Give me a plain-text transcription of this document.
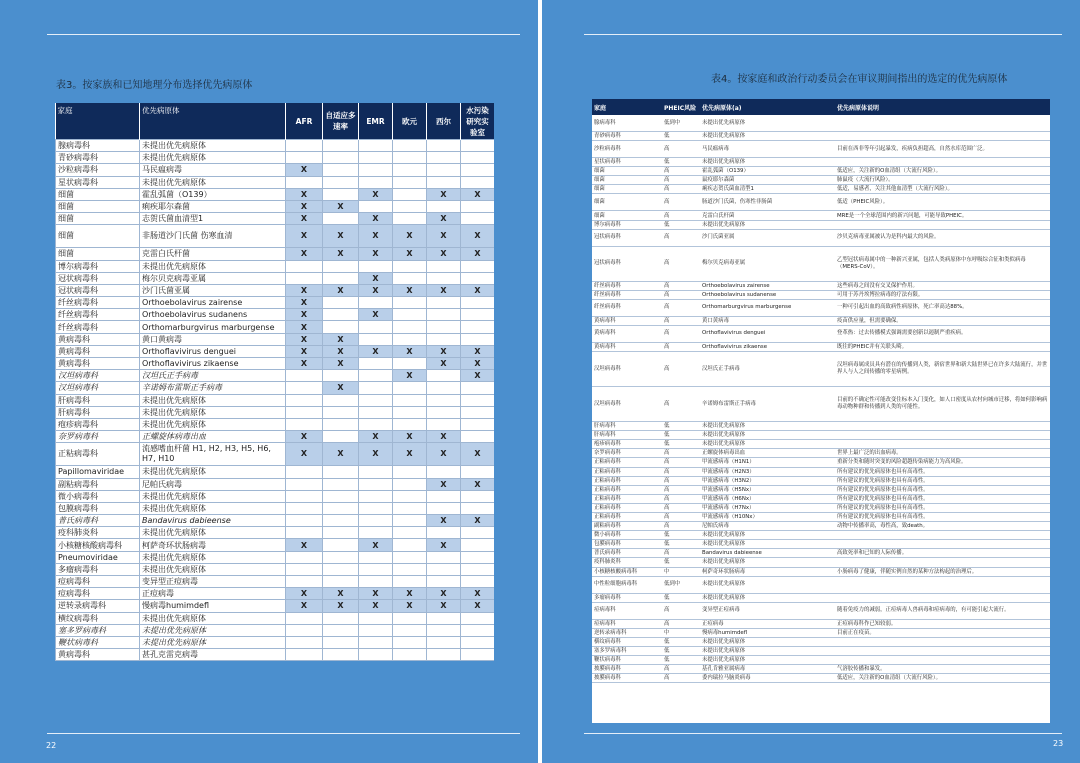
表3。按家族和已知地理分布选择优先病原体
家庭	优先病原体	AFR	自适应多速率	EMR	欧元	西尔	水污染研究实验室
腺病毒科	未提出优先病原体						
青砂病毒科	未提出优先病原体						
沙粒病毒科	马民瘟病毒	X					
星状病毒科	未提出优先病原体						
细菌	霍乱弧菌（O139）	X		X		X	X
细菌	痢疾耶尔森菌	X	X				
细菌	志贺氏菌血清型1	X		X		X	
细菌	非肠道沙门氏菌 伤寒血清	X	X	X	X	X	X
细菌	克雷白氏杆菌	X	X	X	X	X	X
博尔病毒科	未提出优先病原体						
冠状病毒科	梅尔贝克病毒亚属			X			
冠状病毒科	沙门氏菌亚属	X	X	X	X	X	X
纤丝病毒科	Orthoebolavirus zairense	X					
纤丝病毒科	Orthoebolavirus sudanens	X		X			
纤丝病毒科	Orthomarburgvirus marburgense	X					
黄病毒科	黄口黄病毒	X	X				
黄病毒科	Orthoflavivirus denguei	X	X	X	X	X	X
黄病毒科	Orthoflavivirus zikaense	X	X			X	X
汉坦病毒科	汉坦氏正手病毒				X		X
汉坦病毒科	辛诺姆布雷斯正手病毒		X				
肝病毒科	未提出优先病原体						
肝病毒科	未提出优先病原体						
疱疹病毒科	未提出优先病原体						
奈罗病毒科	正螺旋体病毒出血	X		X	X	X	
正粘病毒科	流感嗜血杆菌 H1, H2, H3, H5, H6, H7, H10	X	X	X	X	X	X
Papillomaviridae	未提出优先病原体						
副粘病毒科	尼帕氏病毒					X	X
微小病毒科	未提出优先病原体						
包膜病毒科	未提出优先病原体						
普氏病毒科	Bandavirus dabieense					X	X
疫科肺炎科	未提出优先病原体						
小核糖核酸病毒科	柯萨奇环状肠病毒	X		X		X	
Pneumoviridae	未提出优先病原体						
多瘤病毒科	未提出优先病原体						
痘病毒科	变异型正痘病毒						
痘病毒科	正痘病毒	X	X	X	X	X	X
逆转录病毒科	慢病毒humimdefl	X	X	X	X	X	X
横纹病毒科	未提出优先病原体						
塞多罗病毒科	未提出优先病原体						
鞭状病毒科	未提出优先病原体						
黄病毒科	甚孔克雷克病毒						
22
表4。按家庭和政治行动委员会在审议期间指出的选定的优先病原体
家庭	PHEIC风险	优先病原体(a)	优先病原体说明
腺病毒科	低到中	未提出优先病原体	
青砂病毒科	低	未提出优先病原体	
沙粒病毒科	高	马民瘟病毒	目前在西非等年引起暴发，疾病负担超高，自然水库范围广泛。
星状病毒科	低	未提出优先病原体	
细菌	高	霍乱弧菌（O139）	低适应，关注新的O血清组（大流行风险）。
细菌	高	鼠疫耶尔森菌	肺鼠疫（大流行风险）。
细菌	高	痢疾志贺氏菌血清型1	低适，易感者，关注其他血清型（大流行风险）。
细菌	高	肠道沙门氏菌，伤寒性非肠菌	低适（PHEIC风险）。
细菌	高	克雷白氏杆菌	MRE是一个全球范围内的新兴问题，可能导致PHEIC。
博尔病毒科	低	未提出优先病原体	
冠状病毒科	高	沙门氏菌亚属	沙贝克病毒亚属被认为是科内最大的风险。
冠状病毒科	高	梅尔贝克病毒亚属	乙型冠状病毒属中的一种新兴亚属，包括人类病原体中东呼吸综合征和类似病毒（MERS-CoV）。
纤丝病毒科	高	Orthoebolavirus zairense	这些病毒之间没有交叉保护作用。
纤丝病毒科	高	Orthoebolavirus sudanense	可用于苏丹埃博拉病毒的疗法有限。
纤丝病毒科	高	Orthomarburgvirus marburgense	一种可引起出血的高致病性病原体，死亡率高达88%。
黄病毒科	高	黄口黄病毒	疫苗供应量，但需要确保。
黄病毒科	高	Orthoflavivirus denguei	登革热：过去传播模式强调需要创新以遏制严重疾病。
黄病毒科	高	Orthoflavivirus zikaense	既往的PHEIC并有关联头畸。
汉坦病毒科	高	汉坦氏正手病毒	汉坦病毒属成员具有潜在的传播到人类，新宿世界和新大陆世界已在许多大陆流行，并世界人与人之间传播的零星病例。
汉坦病毒科	高	辛诺姆布雷斯正手病毒	目前的不确定性可能改变住标本入门变化，如人口密度从农村向城市迁移，将如何影响病毒动物种群和传播到人类的可能性。
肝病毒科	低	未提出优先病原体	
肝病毒科	低	未提出优先病原体	
疱疹病毒科	低	未提出优先病原体	
奈罗病毒科	高	正螺旋体病毒出血	世界上最广泛的出血病毒。
正粘病毒科	高	甲流感病毒（H1N1）	重新分类和随时突变的风险超越传染病能力为高风险。
正粘病毒科	高	甲流感病毒（H2N3）	所有建议的优先病原体也具有高毒性。
正粘病毒科	高	甲流感病毒（H3N2）	所有建议的优先病原体也具有高毒性。
正粘病毒科	高	甲流感病毒（H5Nx）	所有建议的优先病原体也具有高毒性。
正粘病毒科	高	甲流感病毒（H6Nx）	所有建议的优先病原体也具有高毒性。
正粘病毒科	高	甲流感病毒（H7Nx）	所有建议的优先病原体也具有高毒性。
正粘病毒科	高	甲流感病毒（H10Nx）	所有建议的优先病原体也具有高毒性。
副粘病毒科	高	尼帕氏病毒	动物中传播率高，毒性高，致death。
微小病毒科	低	未提出优先病原体	
包膜病毒科	低	未提出优先病原体	
普氏病毒科	高	Bandavirus dabieense	高致死率和已知的人际传播。
疫科肺炎科	低	未提出优先病原体	
小核糖核酸病毒科	中	柯萨奇环状肠病毒	小肠病毒了健康，伴随实例自然的某种方法构起的治理后。
中性粒细胞病毒科	低到中	未提出优先病原体	
多瘤病毒科	低	未提出优先病原体	
痘病毒科	高	变异型正痘病毒	随着免疫力的减弱，正痘病毒人兽病毒和痘病毒的，有可能引起大流行。
痘病毒科	高	正痘病毒	正痘病毒科作已知较弱。
逆转录病毒科	中	慢病毒humimdefl	目前正在疫苗。
横纹病毒科	低	未提出优先病原体	
塞多罗病毒科	低	未提出优先病原体	
鞭状病毒科	低	未提出优先病原体	
披膜病毒科	高	基孔肯雅亚属病毒	气溶胶传播和暴发。
披膜病毒科	高	委内瑞拉马脑炎病毒	低适应，关注新的O血清组（大流行风险）。
23
